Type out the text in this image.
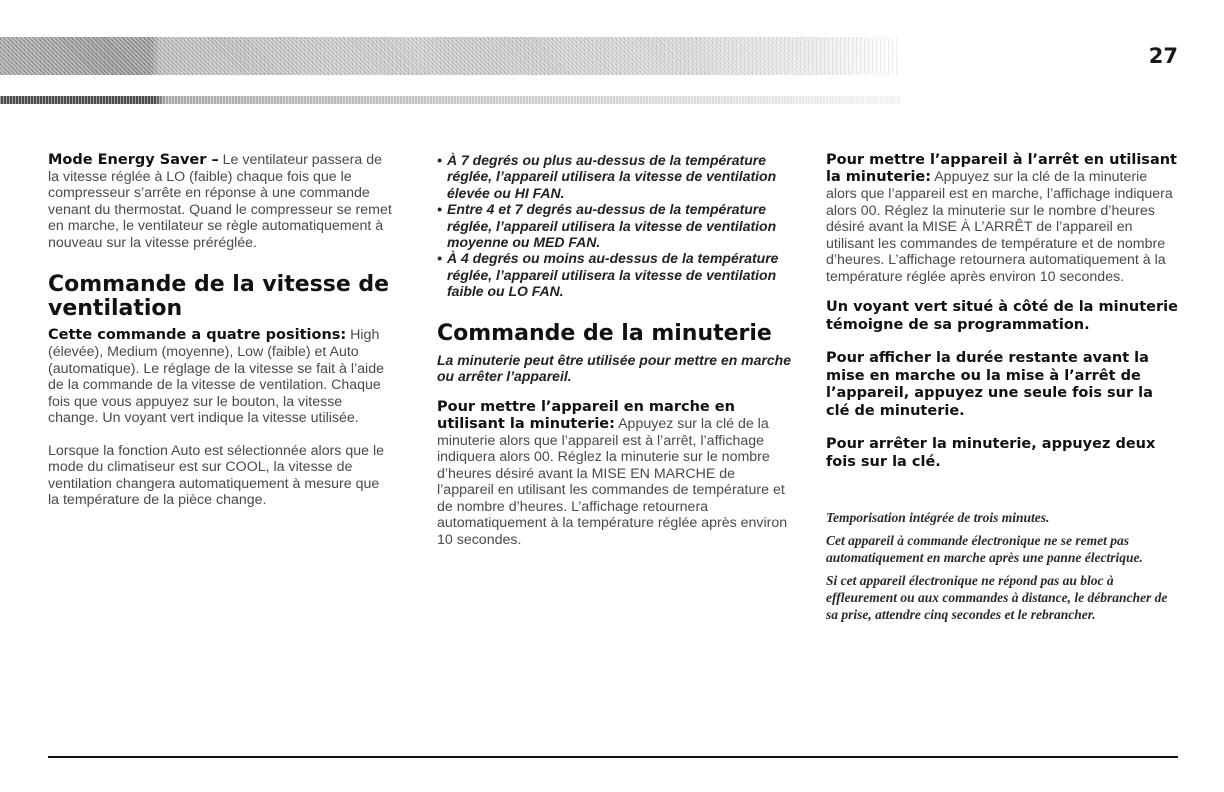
27

Mode Energy Saver – Le ventilateur passera de la vitesse réglée à LO (faible) chaque fois que le compresseur s’arrête en réponse à une commande venant du thermostat. Quand le compresseur se remet en marche, le ventilateur se règle automatiquement à nouveau sur la vitesse préréglée.

Commande de la vitesse de ventilation

Cette commande a quatre positions: High (élevée), Medium (moyenne), Low (faible) et Auto (automatique). Le réglage de la vitesse se fait à l’aide de la commande de la vitesse de ventilation. Chaque fois que vous appuyez sur le bouton, la vitesse change. Un voyant vert indique la vitesse utilisée.

Lorsque la fonction Auto est sélectionnée alors que le mode du climatiseur est sur COOL, la vitesse de ventilation changera automatiquement à mesure que la température de la pièce change.

• À 7 degrés ou plus au-dessus de la température réglée, l’appareil utilisera la vitesse de ventilation élevée ou HI FAN.
• Entre 4 et 7 degrés au-dessus de la température réglée, l’appareil utilisera la vitesse de ventilation moyenne ou MED FAN.
• À 4 degrés ou moins au-dessus de la température réglée, l’appareil utilisera la vitesse de ventilation faible ou LO FAN.
Commande de la minuterie

La minuterie peut être utilisée pour mettre en marche ou arrêter l’appareil.

Pour mettre l’appareil en marche en utilisant la minuterie: Appuyez sur la clé de la minuterie alors que l’appareil est à l’arrêt, l’affichage indiquera alors 00. Réglez la minuterie sur le nombre d’heures désiré avant la MISE EN MARCHE de l’appareil en utilisant les commandes de température et de nombre d’heures. L’affichage retournera automatiquement à la température réglée après environ 10 secondes.

Pour mettre l’appareil à l’arrêt en utilisant la minuterie: Appuyez sur la clé de la minuterie alors que l’appareil est en marche, l’affichage indiquera alors 00. Réglez la minuterie sur le nombre d’heures désiré avant la MISE À L’ARRÊT de l’appareil en utilisant les commandes de température et de nombre d’heures. L’affichage retournera automatiquement à la température réglée après environ 10 secondes.

Un voyant vert situé à côté de la minuterie témoigne de sa programmation.

Pour afficher la durée restante avant la mise en marche ou la mise à l’arrêt de l’appareil, appuyez une seule fois sur la clé de minuterie.

Pour arrêter la minuterie, appuyez deux fois sur la clé.

Temporisation intégrée de trois minutes.

Cet appareil à commande électronique ne se remet pas automatiquement en marche après une panne électrique.

Si cet appareil électronique ne répond pas au bloc à effleurement ou aux commandes à distance, le débrancher de sa prise, attendre cinq secondes et le rebrancher.
